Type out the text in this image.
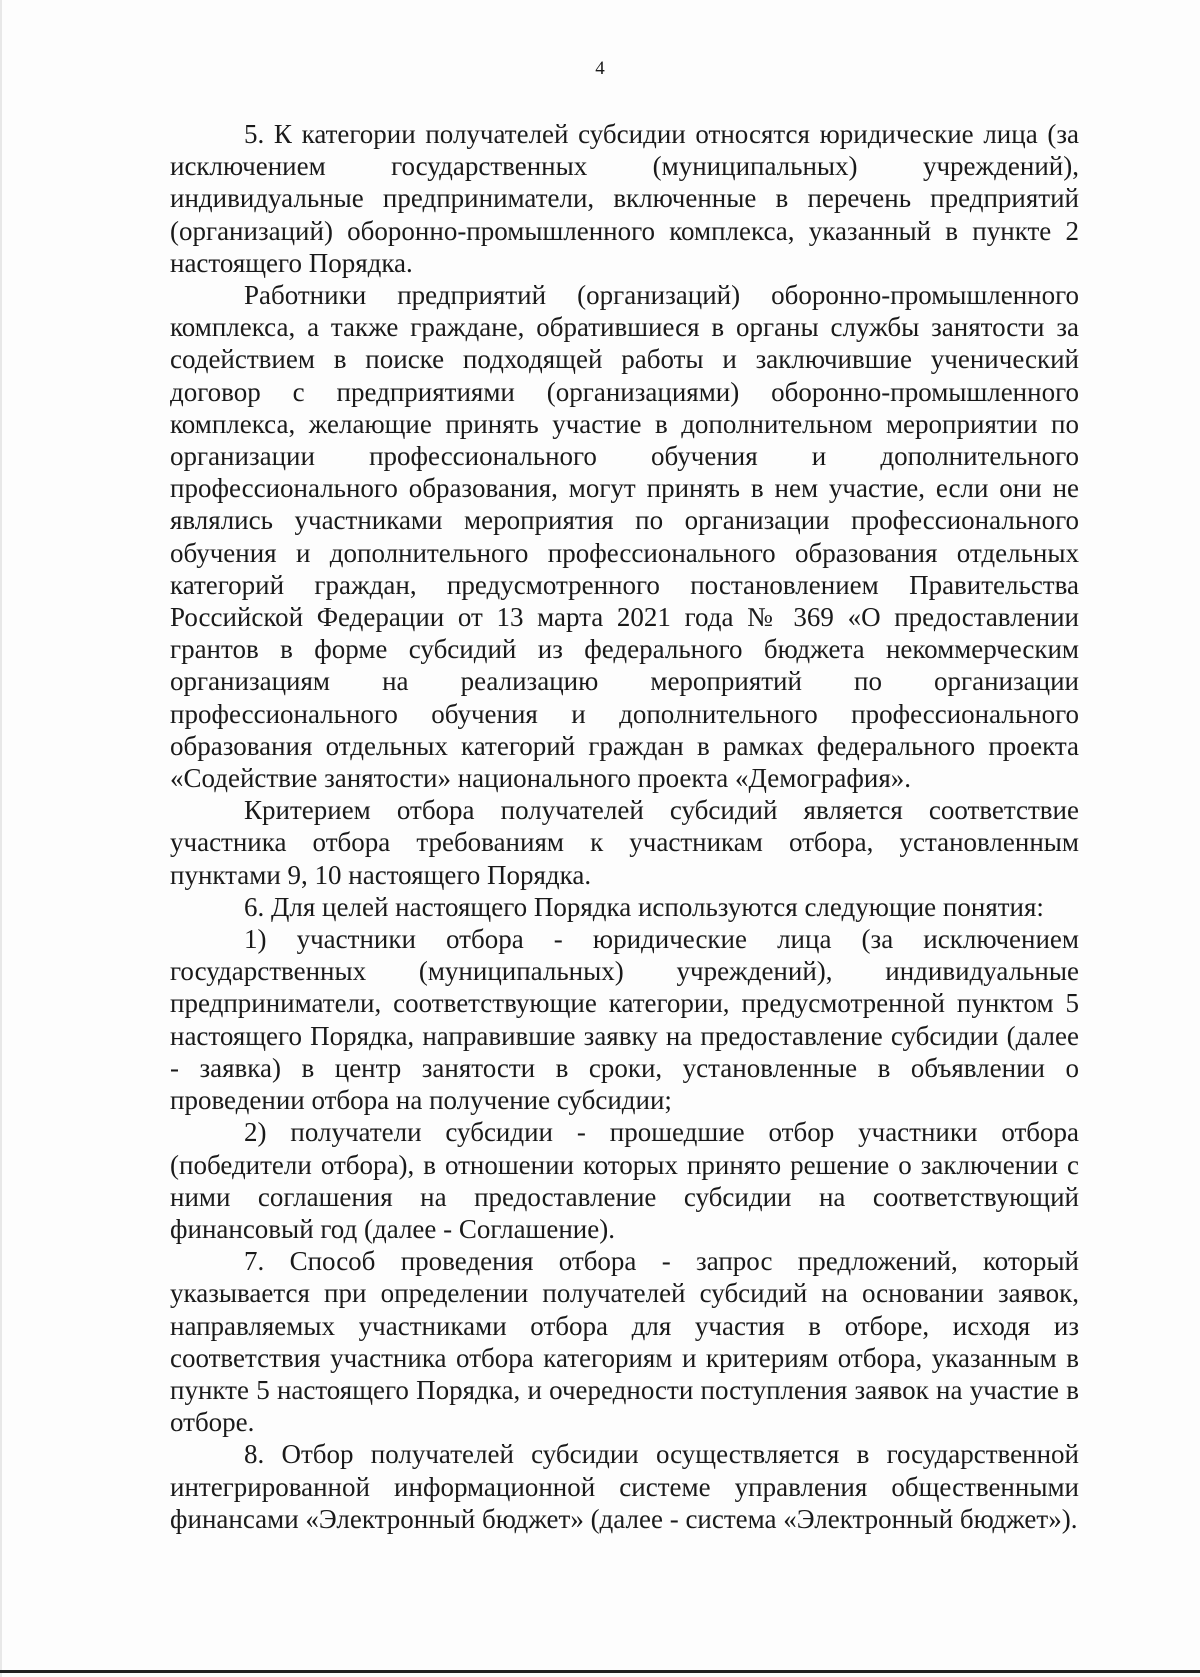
4

5. К категории получателей субсидии относятся юридические лица (за исключением государственных (муниципальных) учреждений), индивидуальные предприниматели, включенные в перечень предприятий (организаций) оборонно-промышленного комплекса, указанный в пункте 2 настоящего Порядка.

Работники предприятий (организаций) оборонно-промышленного комплекса, а также граждане, обратившиеся в органы службы занятости за содействием в поиске подходящей работы и заключившие ученический договор с предприятиями (организациями) оборонно-промышленного комплекса, желающие принять участие в дополнительном мероприятии по организации профессионального обучения и дополнительного профессионального образования, могут принять в нем участие, если они не являлись участниками мероприятия по организации профессионального обучения и дополнительного профессионального образования отдельных категорий граждан, предусмотренного постановлением Правительства Российской Федерации от 13 марта 2021 года № 369 «О предоставлении грантов в форме субсидий из федерального бюджета некоммерческим организациям на реализацию мероприятий по организации профессионального обучения и дополнительного профессионального образования отдельных категорий граждан в рамках федерального проекта «Содействие занятости» национального проекта «Демография».

Критерием отбора получателей субсидий является соответствие участника отбора требованиям к участникам отбора, установленным пунктами 9, 10 настоящего Порядка.

6. Для целей настоящего Порядка используются следующие понятия:

1) участники отбора - юридические лица (за исключением государственных (муниципальных) учреждений), индивидуальные предприниматели, соответствующие категории, предусмотренной пунктом 5 настоящего Порядка, направившие заявку на предоставление субсидии (далее - заявка) в центр занятости в сроки, установленные в объявлении о проведении отбора на получение субсидии;

2) получатели субсидии - прошедшие отбор участники отбора (победители отбора), в отношении которых принято решение о заключении с ними соглашения на предоставление субсидии на соответствующий финансовый год (далее - Соглашение).

7. Способ проведения отбора - запрос предложений, который указывается при определении получателей субсидий на основании заявок, направляемых участниками отбора для участия в отборе, исходя из соответствия участника отбора категориям и критериям отбора, указанным в пункте 5 настоящего Порядка, и очередности поступления заявок на участие в отборе.

8. Отбор получателей субсидии осуществляется в государственной интегрированной информационной системе управления общественными финансами «Электронный бюджет» (далее - система «Электронный бюджет»).
